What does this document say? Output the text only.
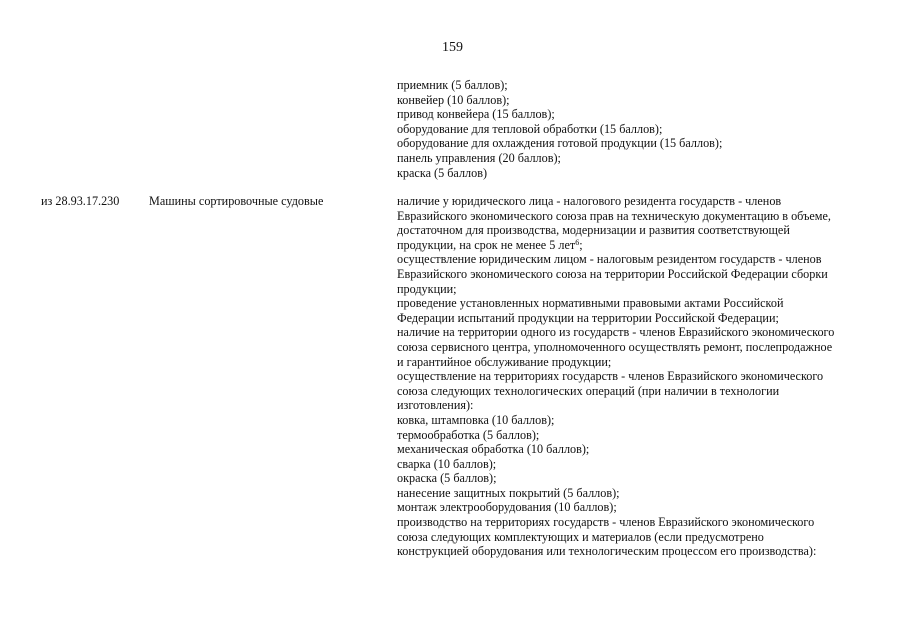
159
приемник (5 баллов);
конвейер (10 баллов);
привод конвейера (15 баллов);
оборудование для тепловой обработки (15 баллов);
оборудование для охлаждения готовой продукции (15 баллов);
панель управления (20 баллов);
краска (5 баллов)
из 28.93.17.230 Машины сортировочные судовые	наличие у юридического лица - налогового резидента государств - членов
Евразийского экономического союза прав на техническую документацию в объеме,
достаточном для производства, модернизации и развития соответствующей
продукции, на срок не менее 5 лет$^6$;
осуществление юридическим лицом - налоговым резидентом государств - членов
Евразийского экономического союза на территории Российской Федерации сборки
продукции;
проведение установленных нормативными правовыми актами Российской
Федерации испытаний продукции на территории Российской Федерации;
наличие на территории одного из государств - членов Евразийского экономического
союза сервисного центра, уполномоченного осуществлять ремонт, послепродажное
и гарантийное обслуживание продукции;
осуществление на территориях государств - членов Евразийского экономического
союза следующих технологических операций (при наличии в технологии
изготовления):
ковка, штамповка (10 баллов);
термообработка (5 баллов);
механическая обработка (10 баллов);
сварка (10 баллов);
окраска (5 баллов);
нанесение защитных покрытий (5 баллов);
монтаж электрооборудования (10 баллов);
производство на территориях государств - членов Евразийского экономического
союза следующих комплектующих и материалов (если предусмотрено
конструкцией оборудования или технологическим процессом его производства):
